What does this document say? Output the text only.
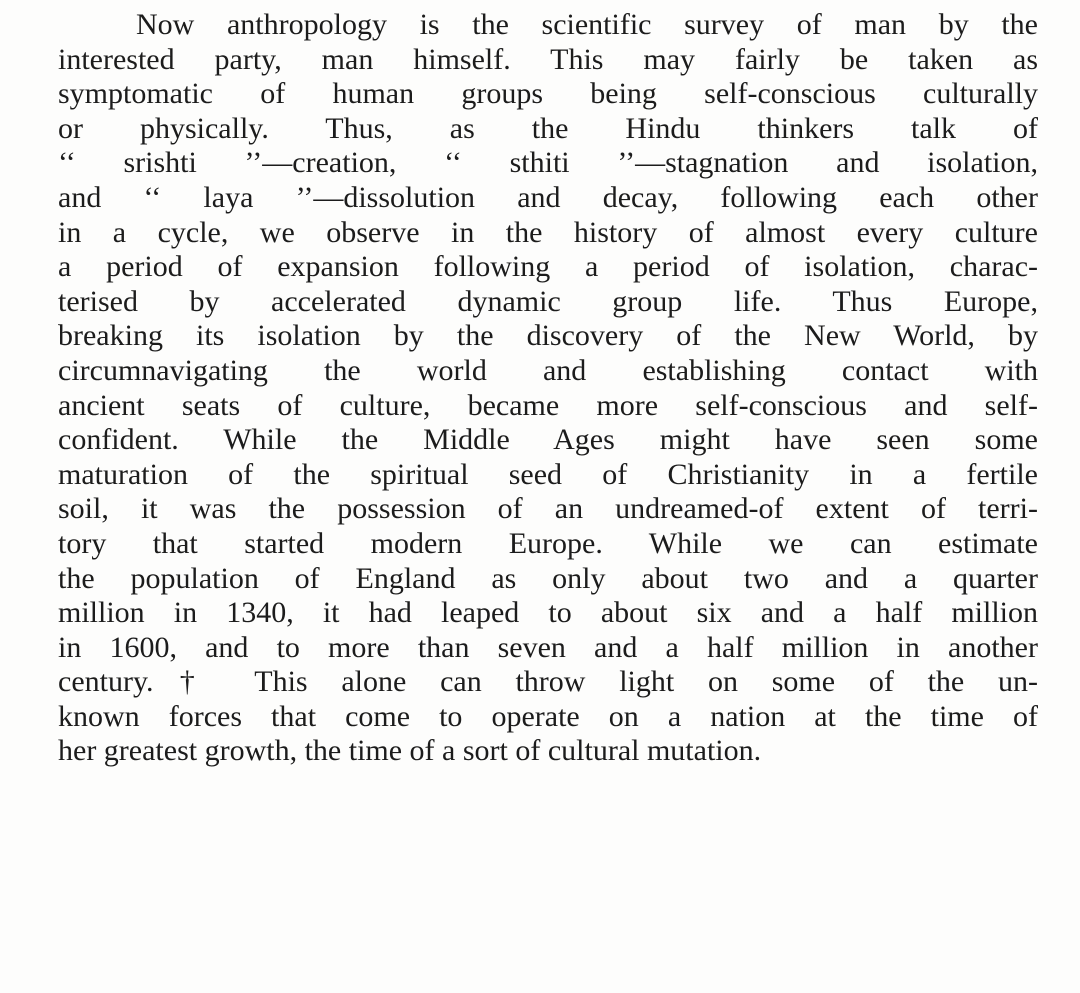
Now anthropology is the scientific survey of man by the
interested party, man himself. This may fairly be taken as
symptomatic of human groups being self-conscious culturally
or physically. Thus, as the Hindu thinkers talk of
‘‘ srishti ’’—creation, ‘‘ sthiti ’’—stagnation and isolation,
and ‘‘ laya ’’—dissolution and decay, following each other
in a cycle, we observe in the history of almost every culture
a period of expansion following a period of isolation, charac-
terised by accelerated dynamic group life. Thus Europe,
breaking its isolation by the discovery of the New World, by
circumnavigating the world and establishing contact with
ancient seats of culture, became more self-conscious and self-
confident. While the Middle Ages might have seen some
maturation of the spiritual seed of Christianity in a fertile
soil, it was the possession of an undreamed-of extent of terri-
tory that started modern Europe. While we can estimate
the population of England as only about two and a quarter
million in 1340, it had leaped to about six and a half million
in 1600, and to more than seven and a half million in another
century.† This alone can throw light on some of the un-
known forces that come to operate on a nation at the time of
her greatest growth, the time of a sort of cultural mutation.
